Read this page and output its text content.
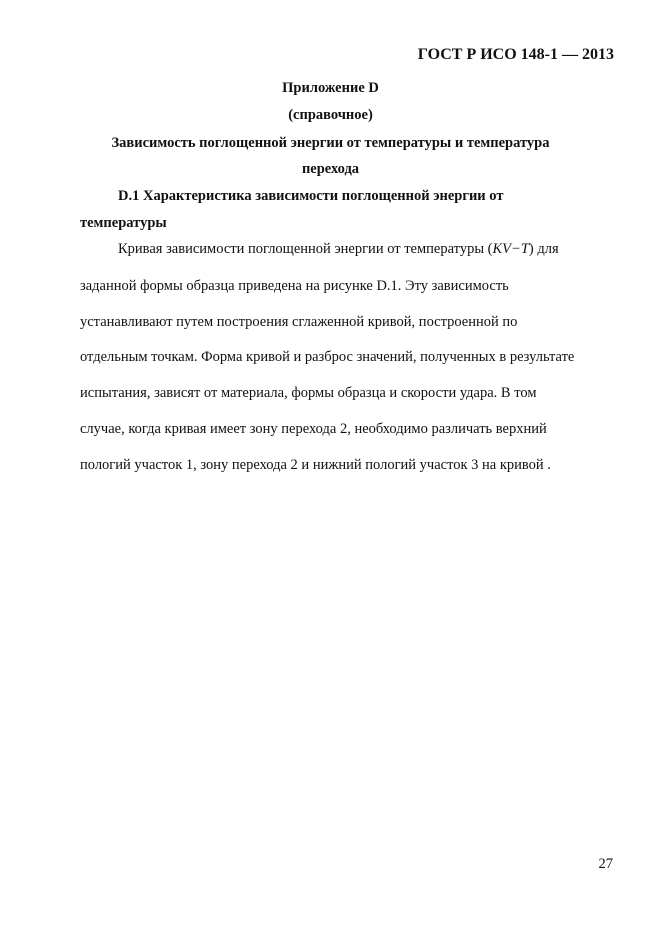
ГОСТ Р ИСО 148-1 — 2013
Приложение D
(справочное)
Зависимость поглощенной энергии от температуры и температура
перехода
D.1 Характеристика зависимости поглощенной энергии от
температуры
Кривая зависимости поглощенной энергии от температуры (KV−T) для
заданной формы образца приведена на рисунке D.1. Эту зависимость
устанавливают путем построения сглаженной кривой, построенной по
отдельным точкам. Форма кривой и разброс значений, полученных в результате
испытания, зависят от материала, формы образца и скорости удара. В том
случае, когда кривая имеет зону перехода 2, необходимо различать верхний
пологий участок 1, зону перехода 2 и нижний пологий участок 3 на кривой .
27
